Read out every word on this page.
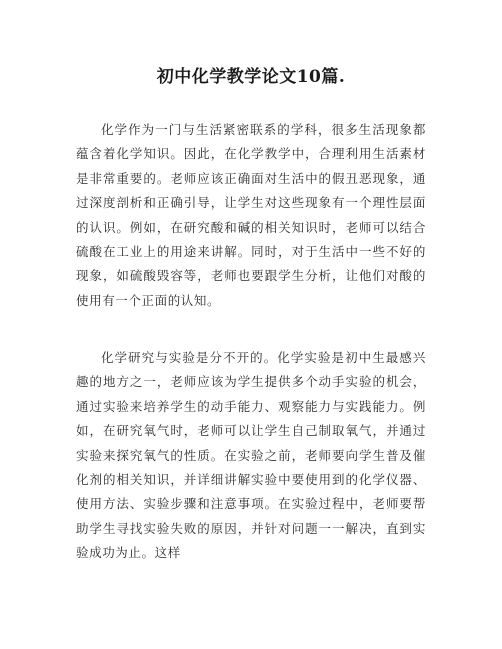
初中化学教学论文10篇.

化学作为一门与生活紧密联系的学科，很多生活现象都蕴含着化学知识。因此，在化学教学中，合理利用生活素材是非常重要的。老师应该正确面对生活中的假丑恶现象，通过深度剖析和正确引导，让学生对这些现象有一个理性层面的认识。例如，在研究酸和碱的相关知识时，老师可以结合硫酸在工业上的用途来讲解。同时，对于生活中一些不好的现象，如硫酸毁容等，老师也要跟学生分析，让他们对酸的使用有一个正面的认知。

化学研究与实验是分不开的。化学实验是初中生最感兴趣的地方之一，老师应该为学生提供多个动手实验的机会，通过实验来培养学生的动手能力、观察能力与实践能力。例如，在研究氧气时，老师可以让学生自己制取氧气，并通过实验来探究氧气的性质。在实验之前，老师要向学生普及催化剂的相关知识，并详细讲解实验中要使用到的化学仪器、使用方法、实验步骤和注意事项。在实验过程中，老师要帮助学生寻找实验失败的原因，并针对问题一一解决，直到实验成功为止。这样
